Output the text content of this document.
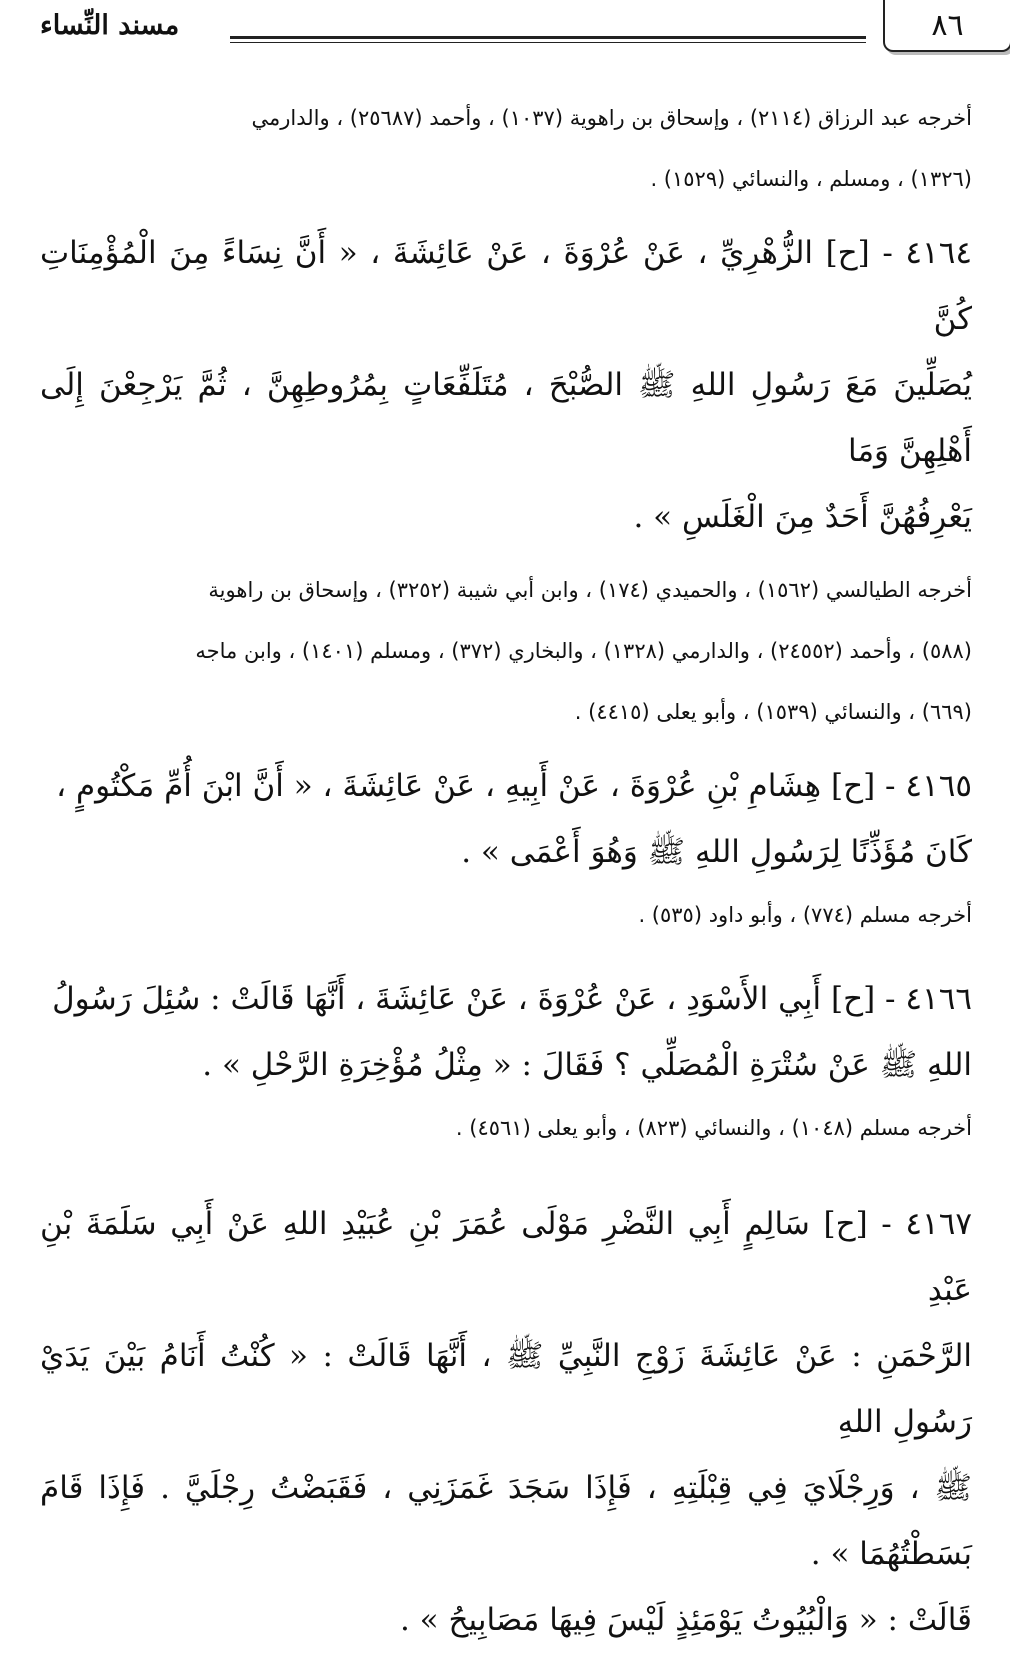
مسند النِّساء	٨٦

أخرجه عبد الرزاق (٢١١٤) ، وإسحاق بن راهوية (١٠٣٧) ، وأحمد (٢٥٦٨٧) ، والدارمي

(١٣٢٦) ، ومسلم ، والنسائي (١٥٢٩) .

٤١٦٤ - [ح] الزُّهْرِيِّ ، عَنْ عُرْوَةَ ، عَنْ عَائِشَةَ ، « أَنَّ نِسَاءً مِنَ الْمُؤْمِنَاتِ كُنَّ

يُصَلِّينَ مَعَ رَسُولِ اللهِ ﷺ الصُّبْحَ ، مُتَلَفِّعَاتٍ بِمُرُوطِهِنَّ ، ثُمَّ يَرْجِعْنَ إِلَى أَهْلِهِنَّ وَمَا

يَعْرِفُهُنَّ أَحَدٌ مِنَ الْغَلَسِ » .

أخرجه الطيالسي (١٥٦٢) ، والحميدي (١٧٤) ، وابن أبي شيبة (٣٢٥٢) ، وإسحاق بن راهوية

(٥٨٨) ، وأحمد (٢٤٥٥٢) ، والدارمي (١٣٢٨) ، والبخاري (٣٧٢) ، ومسلم (١٤٠١) ، وابن ماجه

(٦٦٩) ، والنسائي (١٥٣٩) ، وأبو يعلى (٤٤١٥) .

٤١٦٥ - [ح] هِشَامِ بْنِ عُرْوَةَ ، عَنْ أَبِيهِ ، عَنْ عَائِشَةَ ، « أَنَّ ابْنَ أُمِّ مَكْتُومٍ ،

كَانَ مُؤَذِّنًا لِرَسُولِ اللهِ ﷺ وَهُوَ أَعْمَى » .

أخرجه مسلم (٧٧٤) ، وأبو داود (٥٣٥) .

٤١٦٦ - [ح] أَبِي الأَسْوَدِ ، عَنْ عُرْوَةَ ، عَنْ عَائِشَةَ ، أَنَّهَا قَالَتْ : سُئِلَ رَسُولُ

اللهِ ﷺ عَنْ سُتْرَةِ الْمُصَلِّي ؟ فَقَالَ : « مِثْلُ مُؤْخِرَةِ الرَّحْلِ » .

أخرجه مسلم (١٠٤٨) ، والنسائي (٨٢٣) ، وأبو يعلى (٤٥٦١) .

٤١٦٧ - [ح] سَالِمٍ أَبِي النَّضْرِ مَوْلَى عُمَرَ بْنِ عُبَيْدِ اللهِ عَنْ أَبِي سَلَمَةَ بْنِ عَبْدِ

الرَّحْمَنِ : عَنْ عَائِشَةَ زَوْجِ النَّبِيِّ ﷺ ، أَنَّهَا قَالَتْ : « كُنْتُ أَنَامُ بَيْنَ يَدَيْ رَسُولِ اللهِ

ﷺ ، وَرِجْلَايَ فِي قِبْلَتِهِ ، فَإِذَا سَجَدَ غَمَزَنِي ، فَقَبَضْتُ رِجْلَيَّ . فَإِذَا قَامَ بَسَطْتُهُمَا » .

قَالَتْ : « وَالْبُيُوتُ يَوْمَئِذٍ لَيْسَ فِيهَا مَصَابِيحُ » .
